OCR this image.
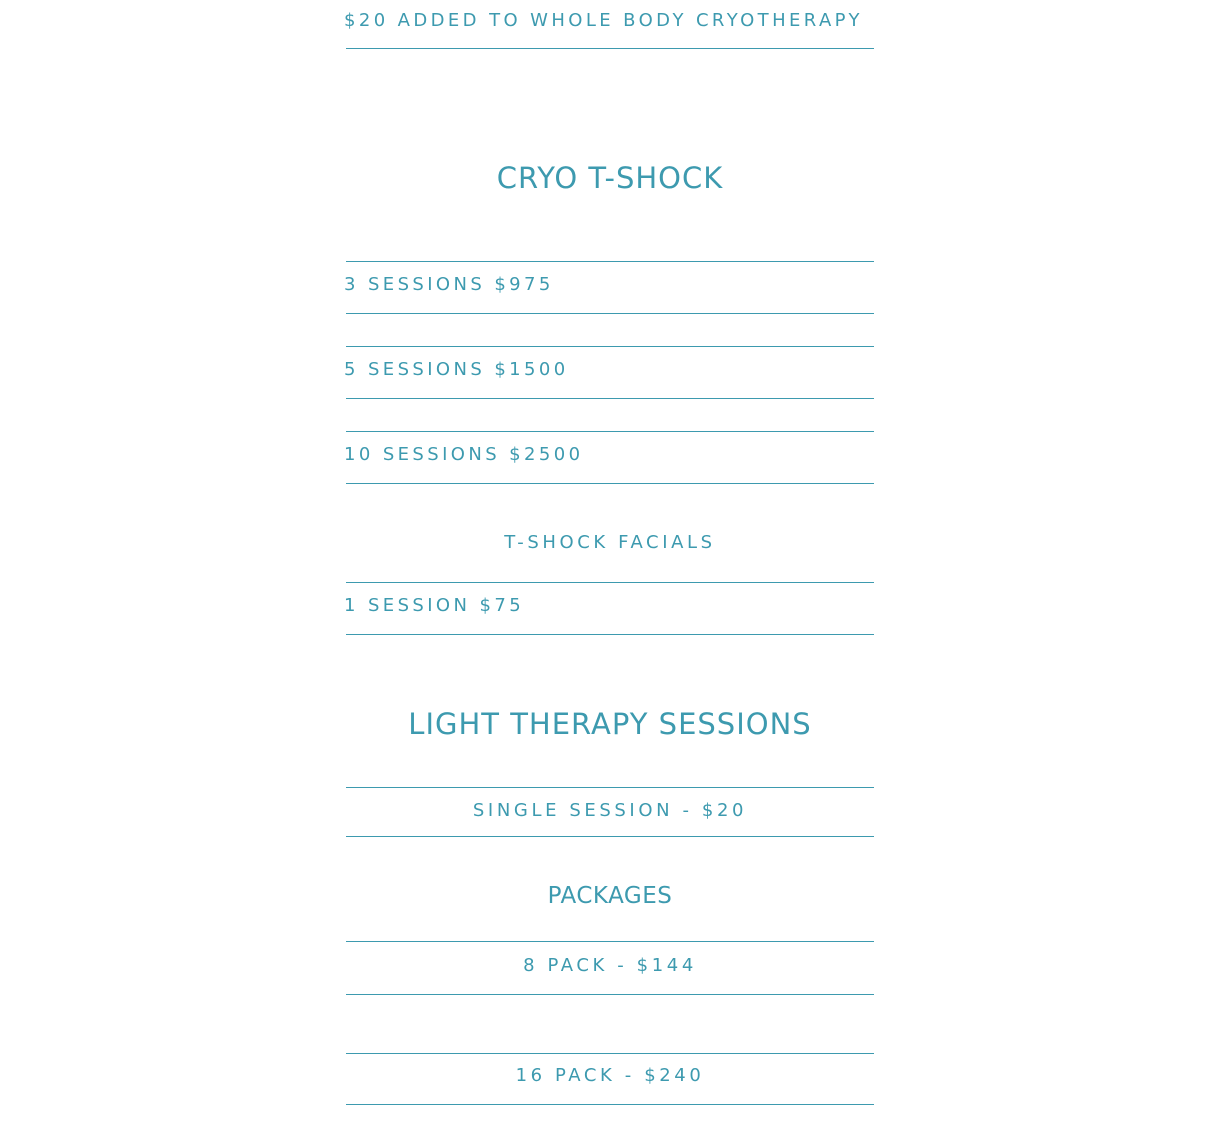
$20 ADDED TO WHOLE BODY CRYOTHERAPY
CRYO T-SHOCK
3 SESSIONS $975
5 SESSIONS $1500
10 SESSIONS $2500
T-SHOCK FACIALS
1 SESSION $75
LIGHT THERAPY SESSIONS
SINGLE SESSION - $20
PACKAGES
8 PACK - $144
16 PACK - $240
